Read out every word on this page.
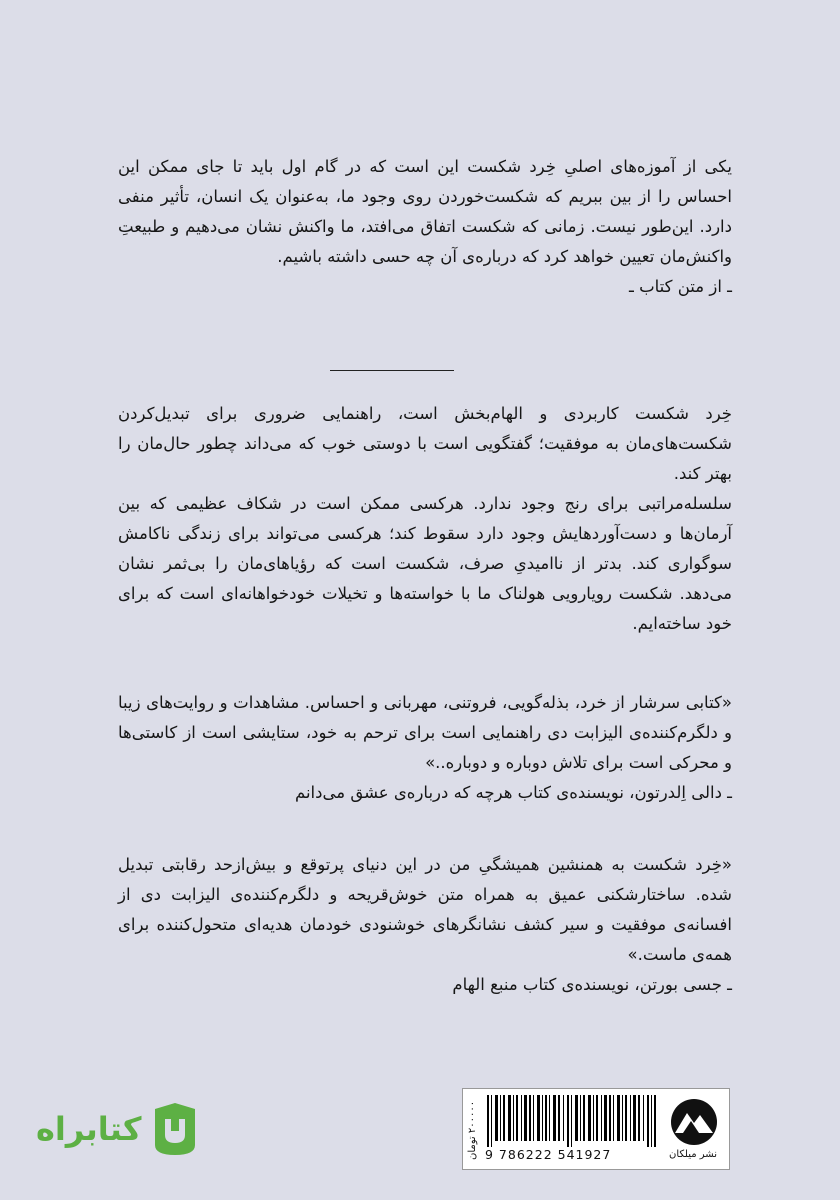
یکی از آموزه‌های اصلیِ خِرد شکست این است که در گام اول باید تا جای ممکن این احساس را از بین ببریم که شکست‌خوردن روی وجود ما، به‌عنوان یک انسان، تأثیر منفی دارد. این‌طور نیست. زمانی که شکست اتفاق می‌افتد، ما واکنش نشان می‌دهیم و طبیعتِ واکنش‌مان تعیین خواهد کرد که درباره‌ی آن چه حسی داشته باشیم.

ـ از متن کتاب ـ

خِرد شکست کاربردی و الهام‌بخش است، راهنمایی ضروری برای تبدیل‌کردن شکست‌های‌مان به موفقیت؛ گفتگویی است با دوستی خوب که می‌داند چطور حال‌مان را بهتر کند.

سلسله‌مراتبی برای رنج وجود ندارد. هرکسی ممکن است در شکاف عظیمی که بین آرمان‌ها و دست‌آوردهایش وجود دارد سقوط کند؛ هرکسی می‌تواند برای زندگی ناکامش سوگواری کند. بدتر از ناامیدیِ صرف، شکست است که رؤیاهای‌مان را بی‌ثمر نشان می‌دهد. شکست رویارویی هولناک ما با خواسته‌ها و تخیلات خودخواهانه‌ای است که برای خود ساخته‌ایم.

«کتابی سرشار از خرد، بذله‌گویی، فروتنی، مهربانی و احساس. مشاهدات و روایت‌های زیبا و دلگرم‌کننده‌ی الیزابت دی راهنمایی است برای ترحم به خود، ستایشی است از کاستی‌ها و محرکی است برای تلاش دوباره و دوباره..»

ـ دالی اِلدرتون، نویسنده‌ی کتاب هرچه که درباره‌ی عشق می‌دانم

«خِرد شکست به همنشین همیشگیِ من در این دنیای پرتوقع و بیش‌ازحد رقابتی تبدیل شده. ساختارشکنی عمیق به همراه متن خوش‌قریحه و دلگرم‌کننده‌ی الیزابت دی از افسانه‌ی موفقیت و سیر کشف نشانگرهای خوشنودی خودمان هدیه‌ای متحول‌کننده برای همه‌ی ماست.»

ـ جسی بورتن، نویسنده‌ی کتاب منبع الهام
کتابراه	۲۰۰۰۰۰ تومان
9 786222 541927	نشر میلکان
